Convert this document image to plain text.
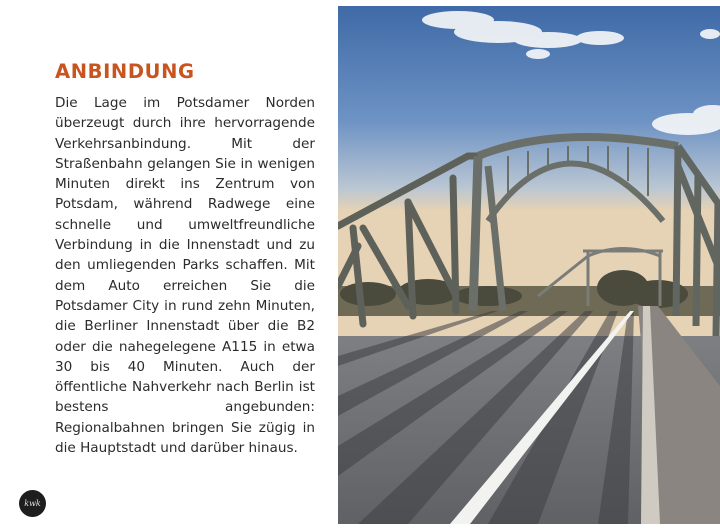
ANBINDUNG

Die Lage im Potsdamer Norden überzeugt durch ihre hervorragende Verkehrsanbindung. Mit der Straßenbahn gelangen Sie in wenigen Minuten direkt ins Zentrum von Potsdam, während Radwege eine schnelle und umweltfreundliche Verbindung in die Innenstadt und zu den umliegenden Parks schaffen. Mit dem Auto erreichen Sie die Potsdamer City in rund zehn Minuten, die Berliner Innenstadt über die B2 oder die nahegelegene A115 in etwa 30 bis 40 Minuten. Auch der öffentliche Nahverkehr nach Berlin ist bestens angebunden: Regionalbahnen bringen Sie zügig in die Hauptstadt und darüber hinaus.

kwk
